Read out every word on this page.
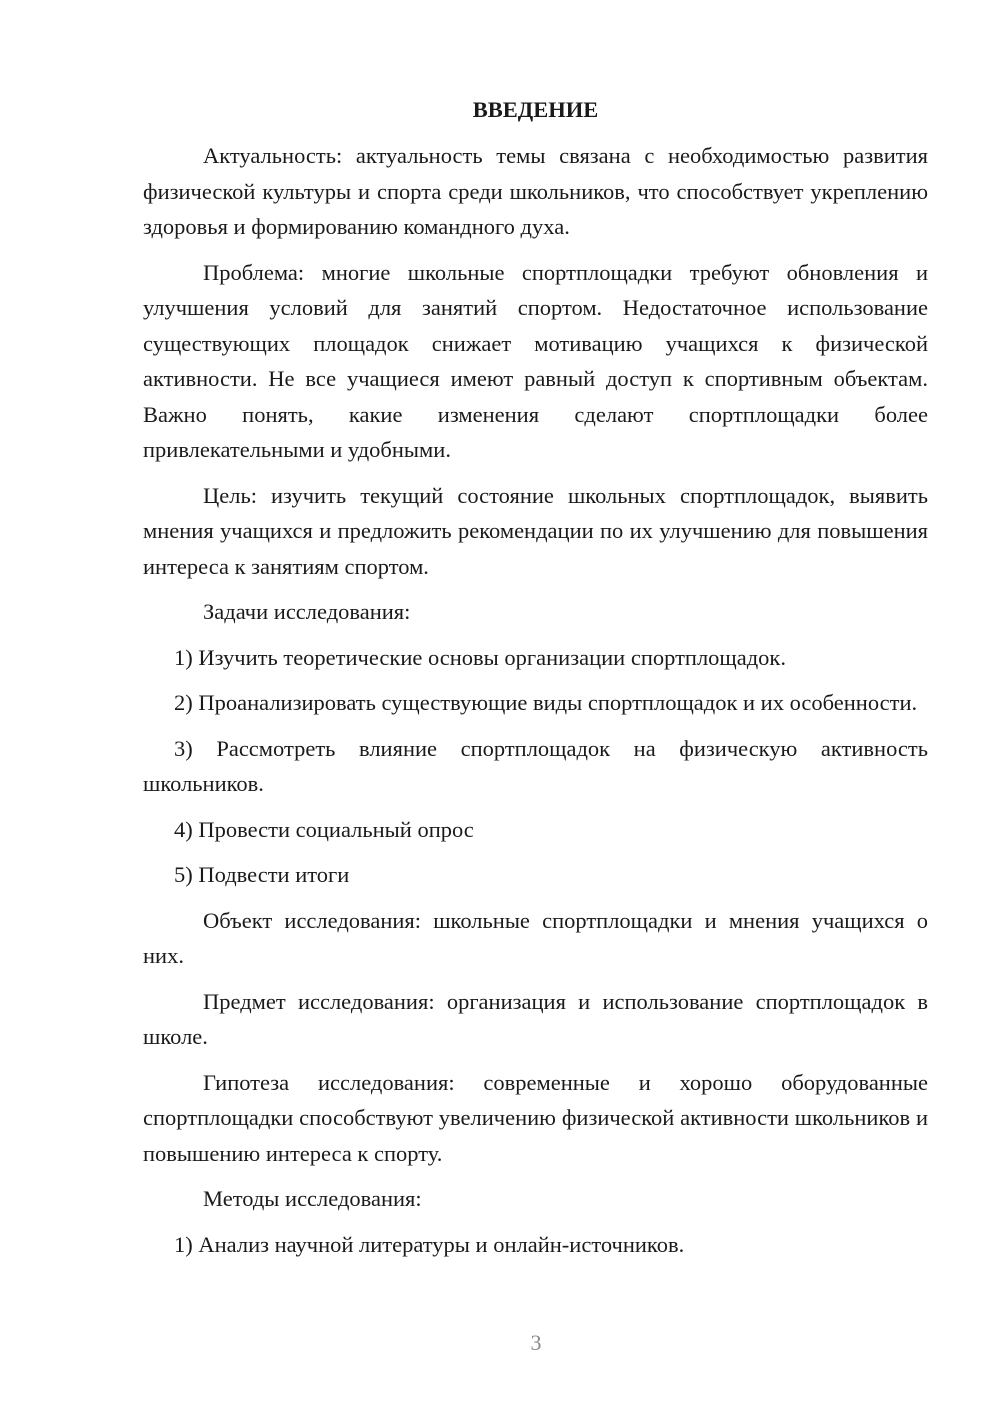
ВВЕДЕНИЕ

Актуальность: актуальность темы связана с необходимостью развития физической культуры и спорта среди школьников, что способствует укреплению здоровья и формированию командного духа.

Проблема: многие школьные спортплощадки требуют обновления и улучшения условий для занятий спортом. Недостаточное использование существующих площадок снижает мотивацию учащихся к физической активности. Не все учащиеся имеют равный доступ к спортивным объектам. Важно понять, какие изменения сделают спортплощадки более привлекательными и удобными.

Цель: изучить текущий состояние школьных спортплощадок, выявить мнения учащихся и предложить рекомендации по их улучшению для повышения интереса к занятиям спортом.

Задачи исследования:

1) Изучить теоретические основы организации спортплощадок.

2) Проанализировать существующие виды спортплощадок и их особенности.

3) Рассмотреть влияние спортплощадок на физическую активность школьников.

4) Провести социальный опрос

5) Подвести итоги

Объект исследования: школьные спортплощадки и мнения учащихся о них.

Предмет исследования: организация и использование спортплощадок в школе.

Гипотеза исследования: современные и хорошо оборудованные спортплощадки способствуют увеличению физической активности школьников и повышению интереса к спорту.

Методы исследования:

1) Анализ научной литературы и онлайн-источников.

3
